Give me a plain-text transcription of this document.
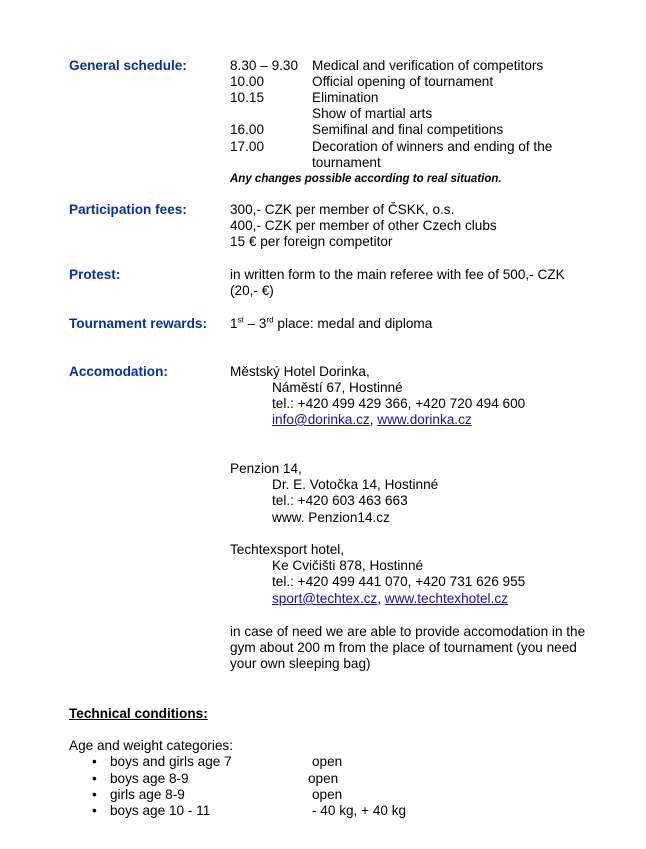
General schedule:	8.30 – 9.30 Medical and verification of competitors
10.00	Official opening of tournament
10.15	Elimination
Show of martial arts
16.00	Semifinal and final competitions
17.00	Decoration of winners and ending of the
tournament
Any changes possible according to real situation.
Participation fees:	300,- CZK per member of ČSKK, o.s.
400,- CZK per member of other Czech clubs
15 € per foreign competitor
Protest:	in written form to the main referee with fee of 500,- CZK
(20,- €)
Tournament rewards: 1st – 3rd place: medal and diploma
Accomodation:	Městský Hotel Dorinka,
Náměstí 67, Hostinné
tel.: +420 499 429 366, +420 720 494 600
info@dorinka.cz, www.dorinka.cz
Penzion 14,
Dr. E. Votočka 14, Hostinné
tel.: +420 603 463 663
www. Penzion14.cz
Techtexsport hotel,
Ke Cvičišti 878, Hostinné
tel.: +420 499 441 070, +420 731 626 955
sport@techtex.cz, www.techtexhotel.cz
in case of need we are able to provide accomodation in the
gym about 200 m from the place of tournament (you need
your own sleeping bag)
Technical conditions:
Age and weight categories:
• boys and girls age 7	open
• boys age 8-9	open
• girls age 8-9	open
• boys age 10 - 11	- 40 kg, + 40 kg
